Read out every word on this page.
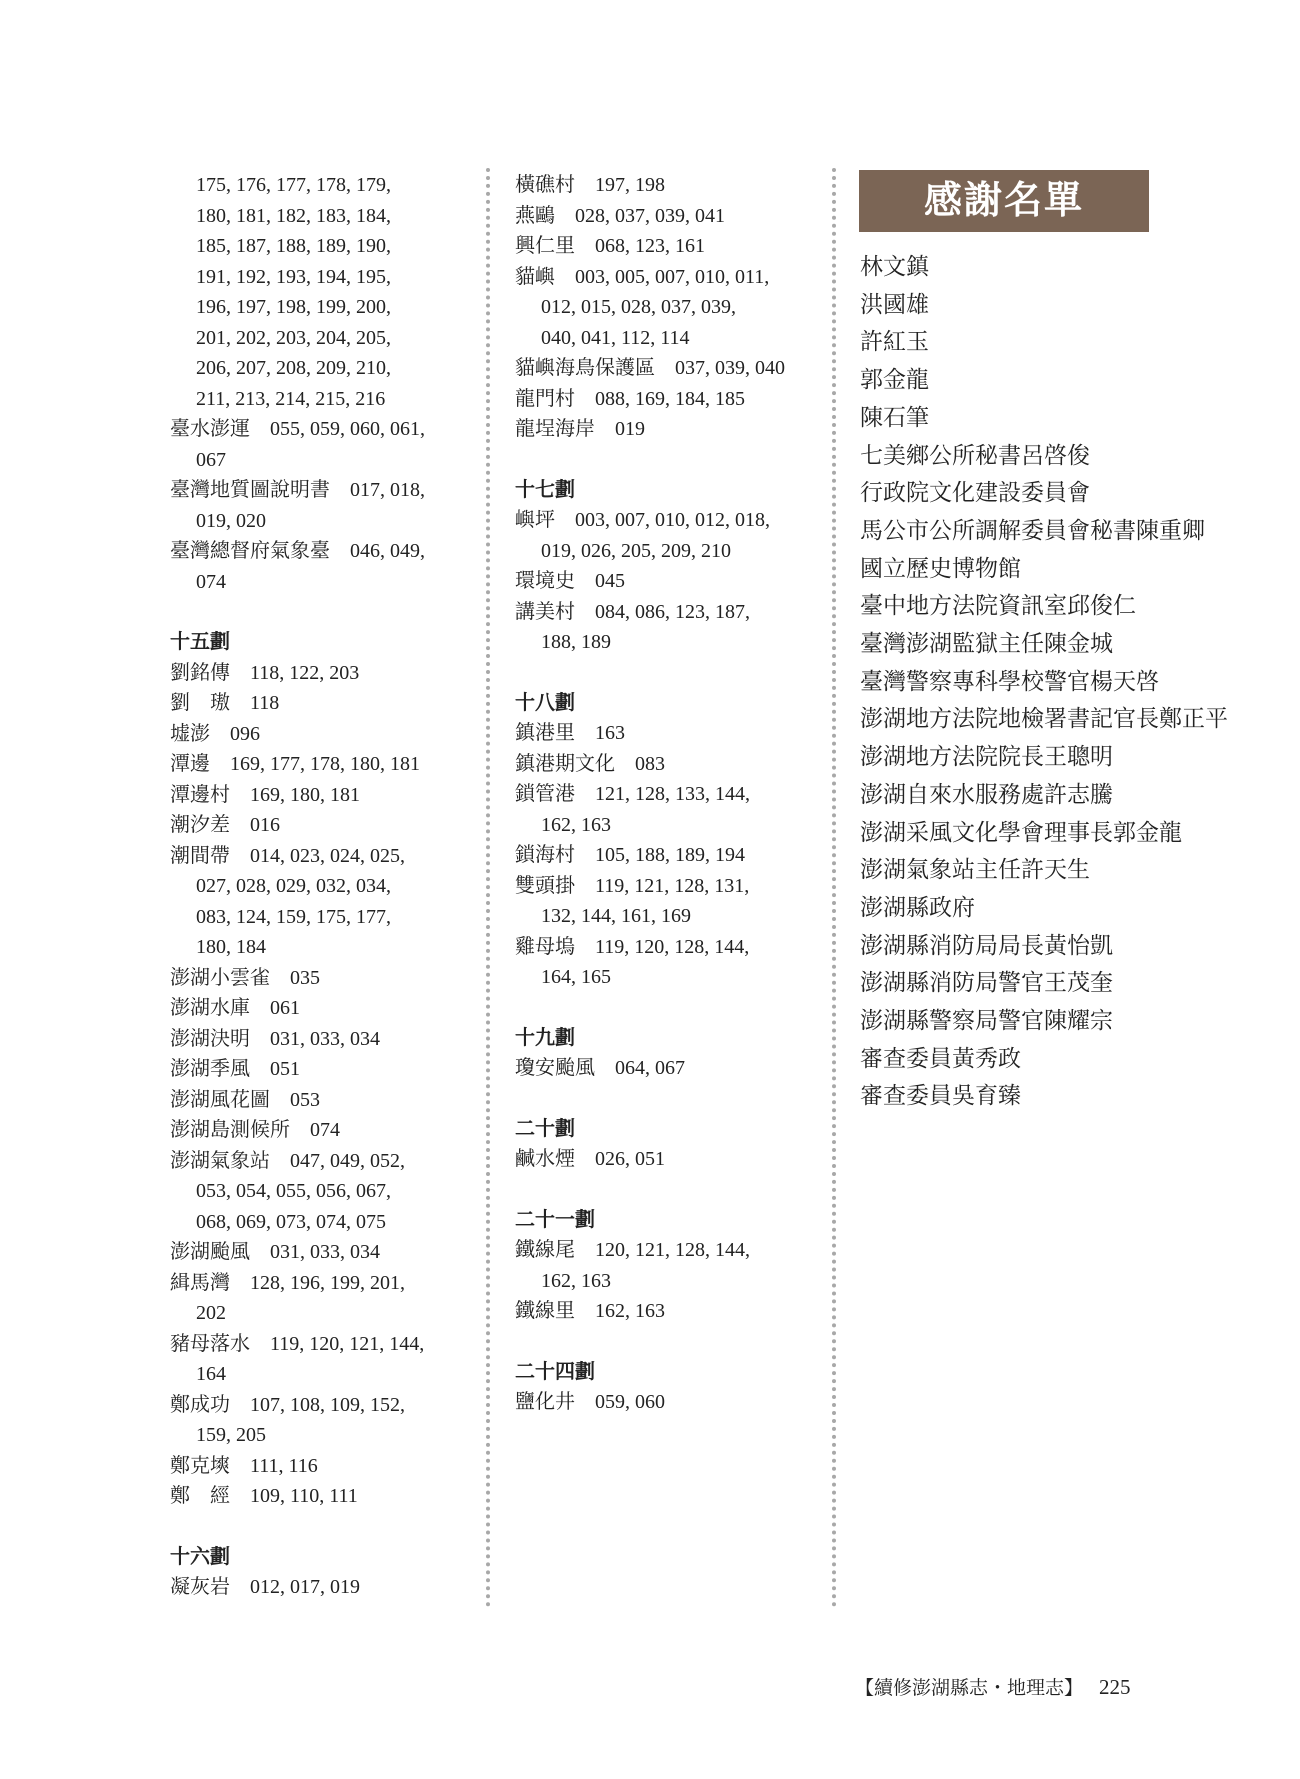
175, 176, 177, 178, 179,
180, 181, 182, 183, 184,
185, 187, 188, 189, 190,
191, 192, 193, 194, 195,
196, 197, 198, 199, 200,
201, 202, 203, 204, 205,
206, 207, 208, 209, 210,
211, 213, 214, 215, 216
臺水澎運　055, 059, 060, 061,
067
臺灣地質圖說明書　017, 018,
019, 020
臺灣總督府氣象臺　046, 049,
074
十五劃
劉銘傳　118, 122, 203
劉　璈　118
墟澎　096
潭邊　169, 177, 178, 180, 181
潭邊村　169, 180, 181
潮汐差　016
潮間帶　014, 023, 024, 025,
027, 028, 029, 032, 034,
083, 124, 159, 175, 177,
180, 184
澎湖小雲雀　035
澎湖水庫　061
澎湖決明　031, 033, 034
澎湖季風　051
澎湖風花圖　053
澎湖島測候所　074
澎湖氣象站　047, 049, 052,
053, 054, 055, 056, 067,
068, 069, 073, 074, 075
澎湖颱風　031, 033, 034
緝馬灣　128, 196, 199, 201,
202
豬母落水　119, 120, 121, 144,
164
鄭成功　107, 108, 109, 152,
159, 205
鄭克塽　111, 116
鄭　經　109, 110, 111
十六劃
凝灰岩　012, 017, 019
橫礁村　197, 198
燕鷗　028, 037, 039, 041
興仁里　068, 123, 161
貓嶼　003, 005, 007, 010, 011,
012, 015, 028, 037, 039,
040, 041, 112, 114
貓嶼海鳥保護區　037, 039, 040
龍門村　088, 169, 184, 185
龍埕海岸　019
十七劃
嶼坪　003, 007, 010, 012, 018,
019, 026, 205, 209, 210
環境史　045
講美村　084, 086, 123, 187,
188, 189
十八劃
鎮港里　163
鎮港期文化　083
鎖管港　121, 128, 133, 144,
162, 163
鎖海村　105, 188, 189, 194
雙頭掛　119, 121, 128, 131,
132, 144, 161, 169
雞母塢　119, 120, 128, 144,
164, 165
十九劃
瓊安颱風　064, 067
二十劃
鹹水煙　026, 051
二十一劃
鐵線尾　120, 121, 128, 144,
162, 163
鐵線里　162, 163
二十四劃
鹽化井　059, 060
感謝名單
林文鎮
洪國雄
許紅玉
郭金龍
陳石筆
七美鄉公所秘書呂啓俊
行政院文化建設委員會
馬公市公所調解委員會秘書陳重卿
國立歷史博物館
臺中地方法院資訊室邱俊仁
臺灣澎湖監獄主任陳金城
臺灣警察專科學校警官楊天啓
澎湖地方法院地檢署書記官長鄭正平
澎湖地方法院院長王聰明
澎湖自來水服務處許志騰
澎湖采風文化學會理事長郭金龍
澎湖氣象站主任許天生
澎湖縣政府
澎湖縣消防局局長黃怡凱
澎湖縣消防局警官王茂奎
澎湖縣警察局警官陳耀宗
審查委員黃秀政
審查委員吳育臻
【續修澎湖縣志・地理志】 225
